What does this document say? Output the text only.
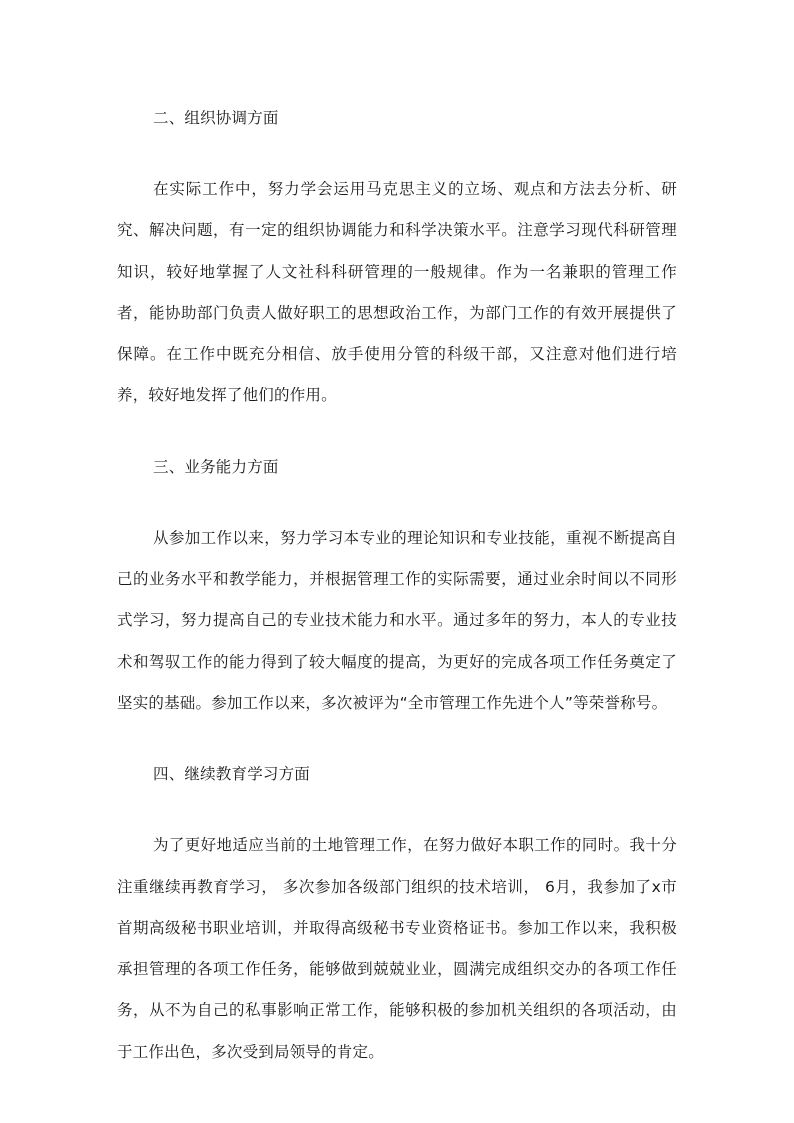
二、组织协调方面

在实际工作中，努力学会运用马克思主义的立场、观点和方法去分析、研究、解决问题，有一定的组织协调能力和科学决策水平。注意学习现代科研管理知识，较好地掌握了人文社科科研管理的一般规律。作为一名兼职的管理工作者，能协助部门负责人做好职工的思想政治工作，为部门工作的有效开展提供了保障。在工作中既充分相信、放手使用分管的科级干部，又注意对他们进行培养，较好地发挥了他们的作用。

三、业务能力方面

从参加工作以来，努力学习本专业的理论知识和专业技能，重视不断提高自己的业务水平和教学能力，并根据管理工作的实际需要，通过业余时间以不同形式学习，努力提高自己的专业技术能力和水平。通过多年的努力，本人的专业技术和驾驭工作的能力得到了较大幅度的提高，为更好的完成各项工作任务奠定了坚实的基础。参加工作以来，多次被评为“全市管理工作先进个人”等荣誉称号。

四、继续教育学习方面

为了更好地适应当前的土地管理工作，在努力做好本职工作的同时。我十分注重继续再教育学习， 多次参加各级部门组织的技术培训， 6月，我参加了x市首期高级秘书职业培训，并取得高级秘书专业资格证书。参加工作以来，我积极承担管理的各项工作任务，能够做到兢兢业业，圆满完成组织交办的各项工作任务，从不为自己的私事影响正常工作，能够积极的参加机关组织的各项活动，由于工作出色，多次受到局领导的肯定。
